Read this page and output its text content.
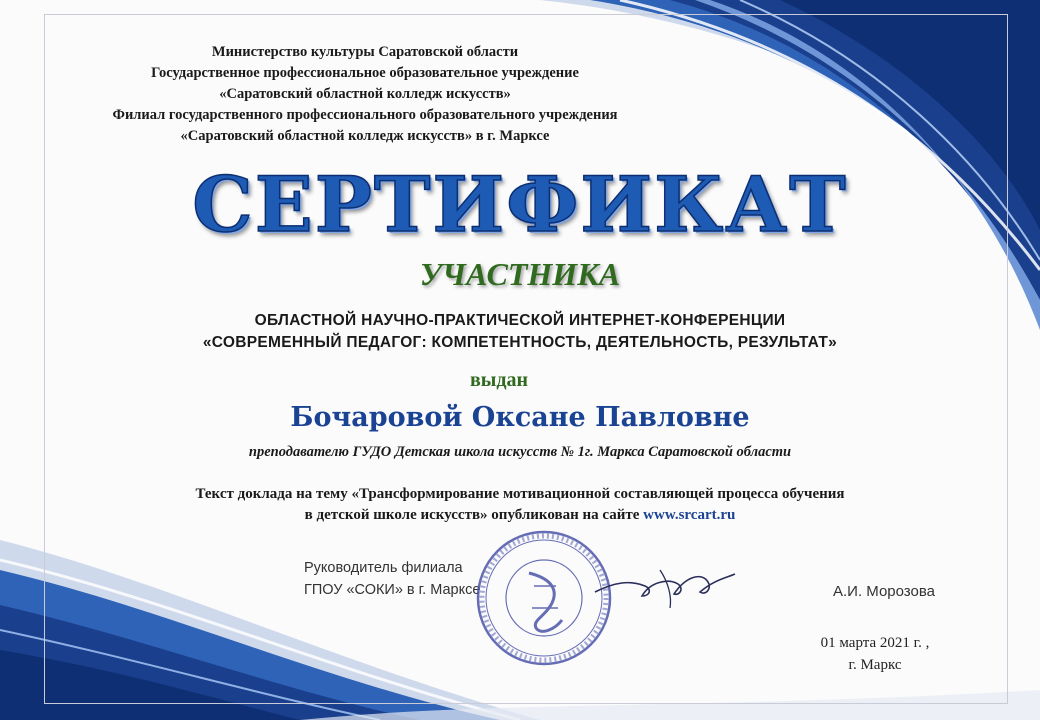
Министерство культуры Саратовской области
Государственное профессиональное образовательное учреждение
«Саратовский областной колледж искусств»
Филиал государственного профессионального образовательного учреждения
«Саратовский областной колледж искусств» в г. Марксе
СЕРТИФИКАТ
УЧАСТНИКА
ОБЛАСТНОЙ НАУЧНО-ПРАКТИЧЕСКОЙ ИНТЕРНЕТ-КОНФЕРЕНЦИИ
«СОВРЕМЕННЫЙ ПЕДАГОГ: КОМПЕТЕНТНОСТЬ, ДЕЯТЕЛЬНОСТЬ, РЕЗУЛЬТАТ»
выдан
Бочаровой Оксане Павловне
преподавателю ГУДО Детская школа искусств № 1г. Маркса Саратовской области
Текст доклада на тему «Трансформирование мотивационной составляющей процесса обучения
в детской школе искусств» опубликован на сайте www.srcart.ru
Руководитель филиала
ГПОУ «СОКИ» в г. Марксе	А.И. Морозова
01 марта 2021 г. ,
г. Маркс
